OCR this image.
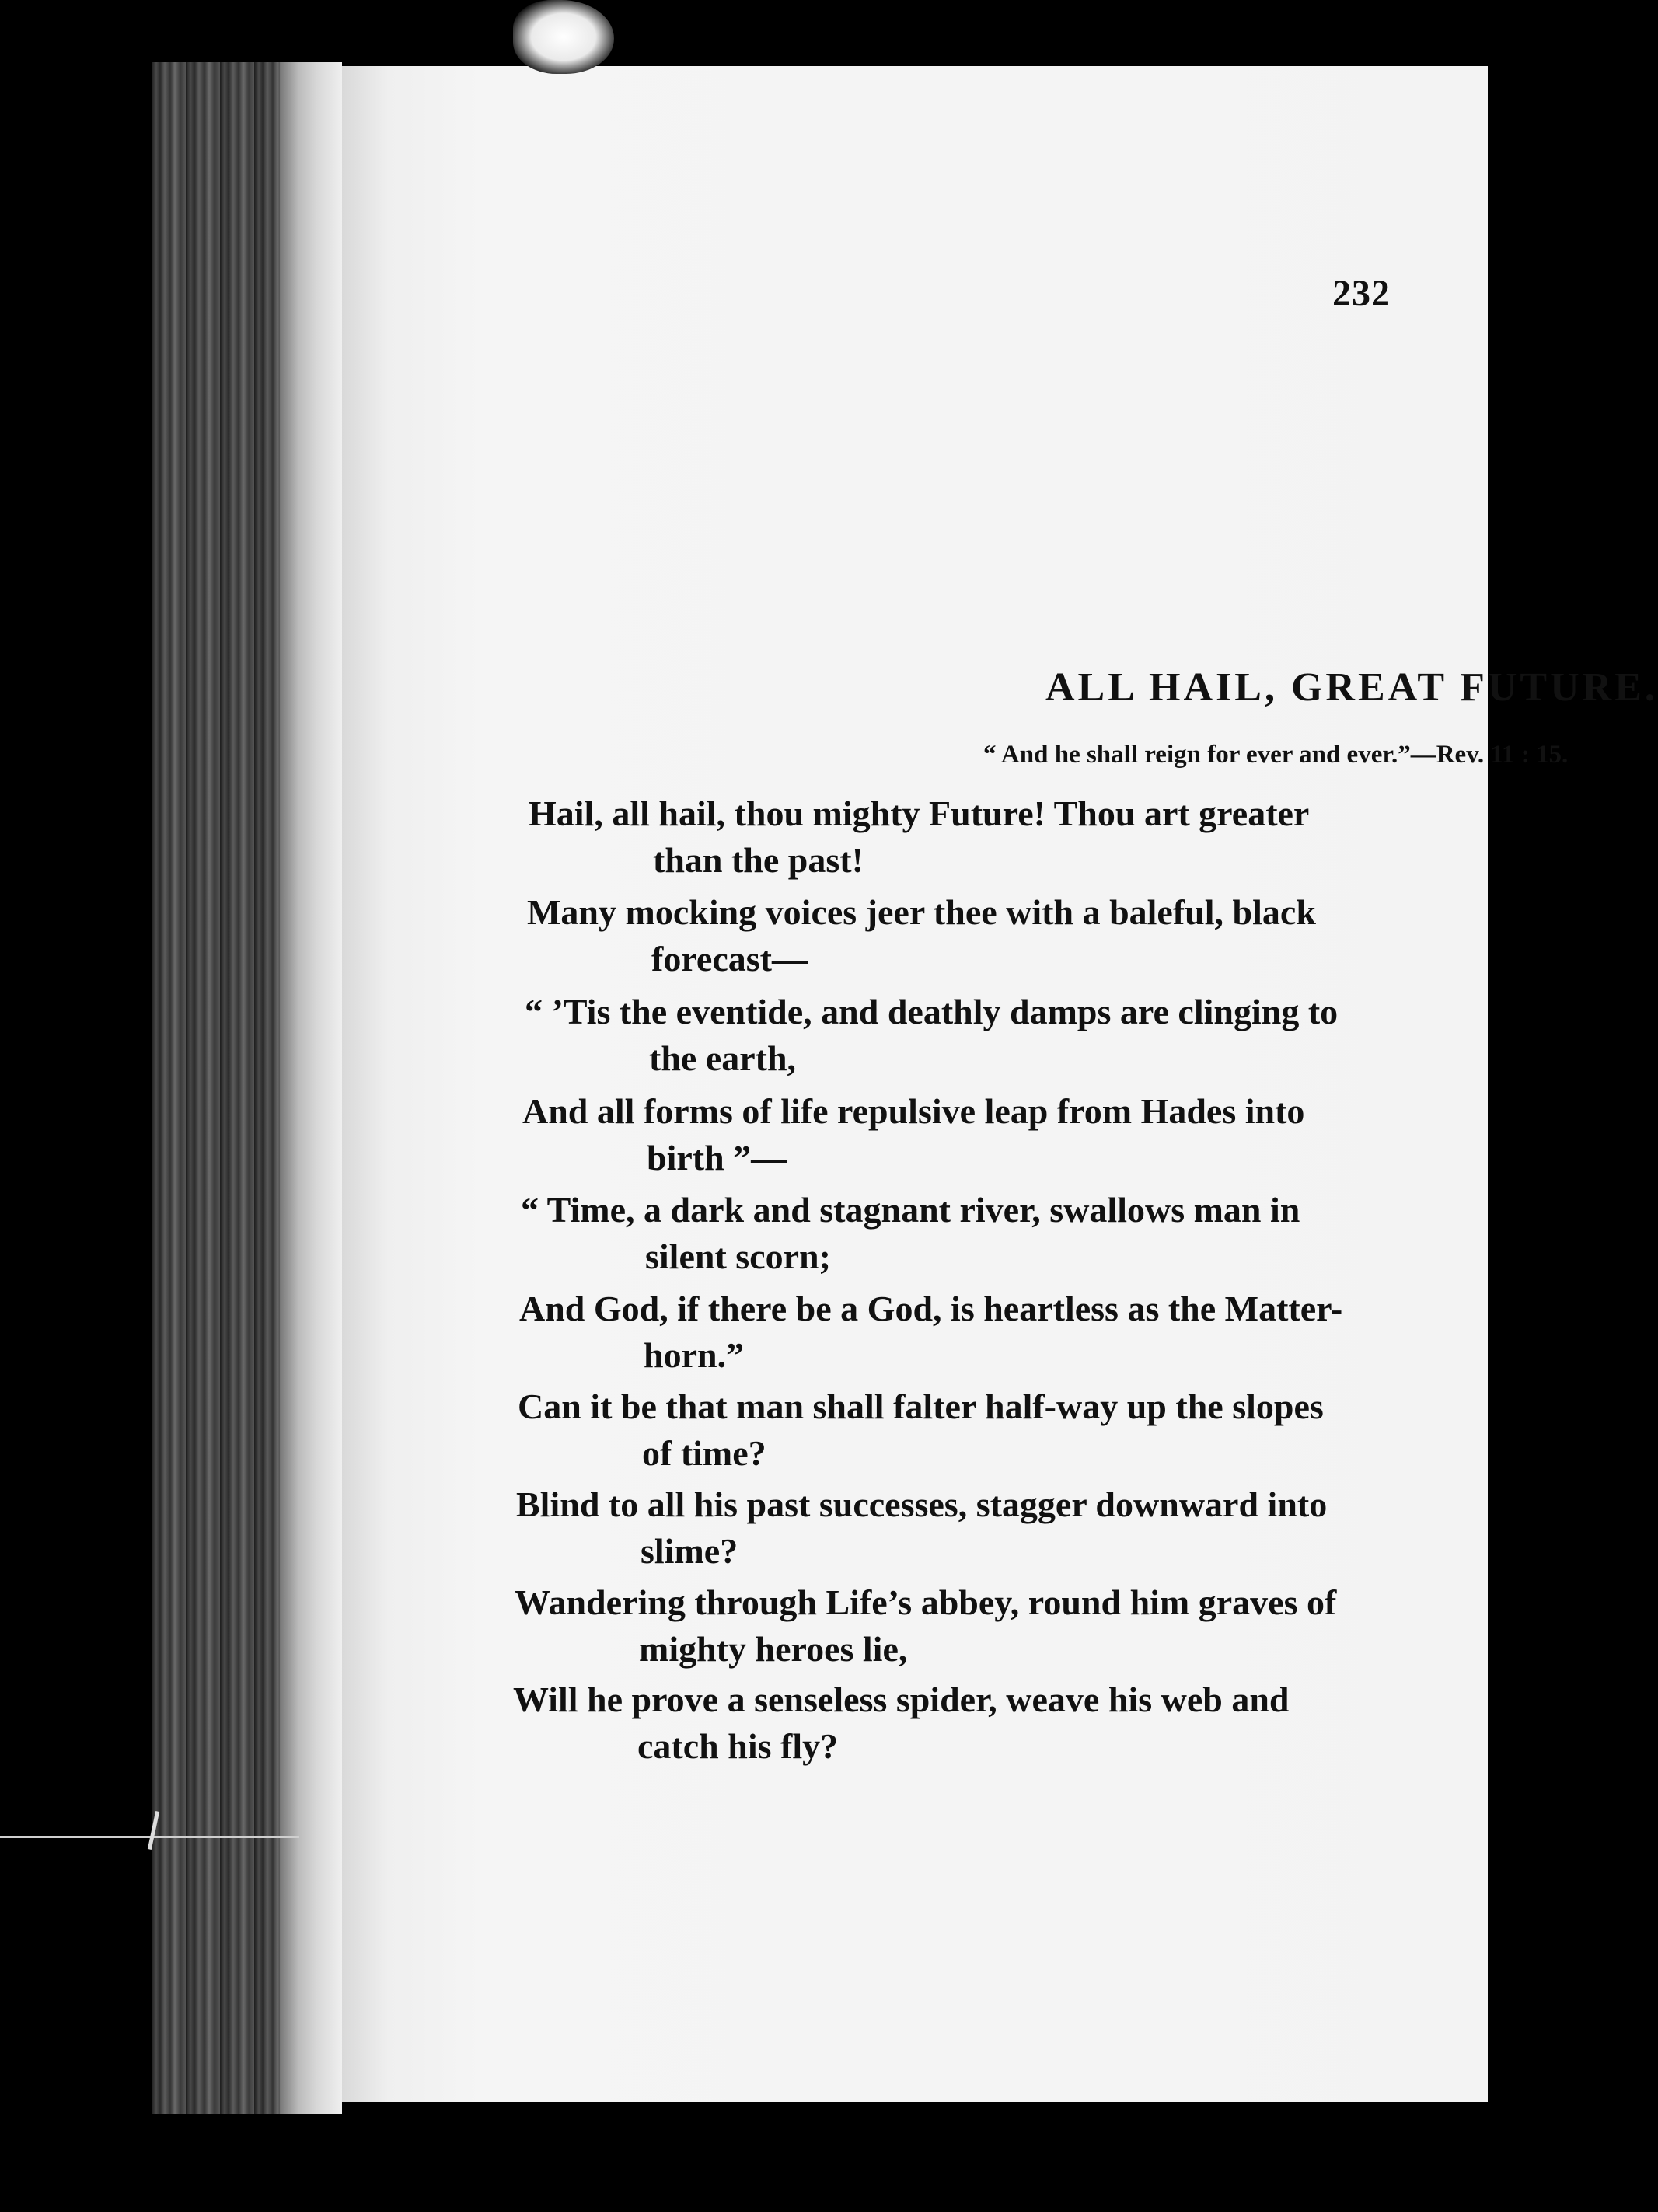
232
ALL HAIL, GREAT FUTURE.
“ And he shall reign for ever and ever.”—Rev. 11 : 15.
Hail, all hail, thou mighty Future! Thou art greater
than the past!
Many mocking voices jeer thee with a baleful, black
forecast—
“ ’Tis the eventide, and deathly damps are clinging to
the earth,
And all forms of life repulsive leap from Hades into
birth ”—
“ Time, a dark and stagnant river, swallows man in
silent scorn;
And God, if there be a God, is heartless as the Matter-
horn.”
Can it be that man shall falter half-way up the slopes
of time?
Blind to all his past successes, stagger downward into
slime?
Wandering through Life’s abbey, round him graves of
mighty heroes lie,
Will he prove a senseless spider, weave his web and
catch his fly?
